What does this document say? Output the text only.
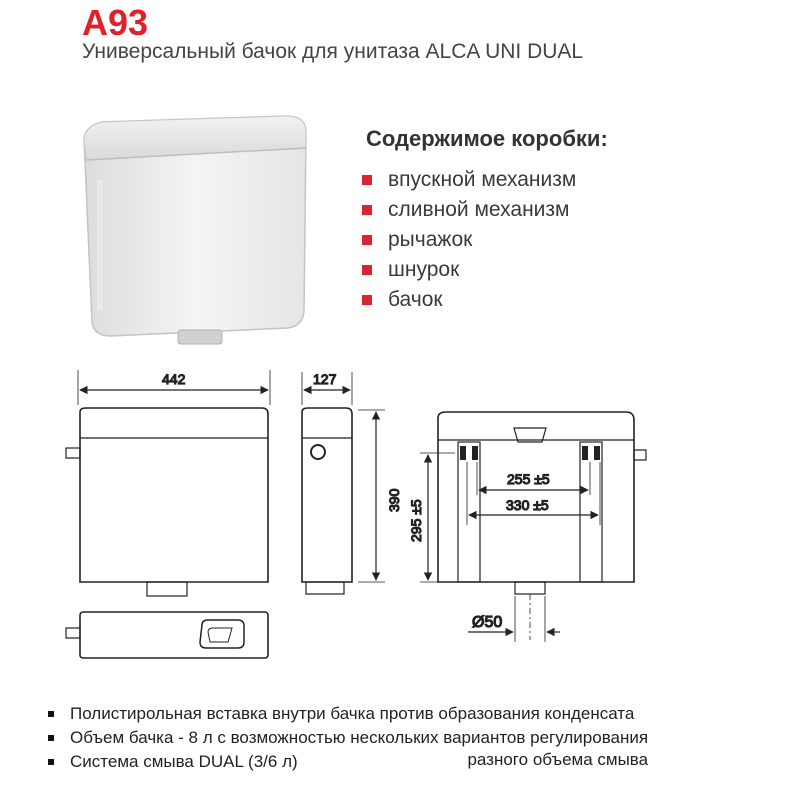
A93

Универсальный бачок для унитаза ALCA UNI DUAL

Содержимое коробки:
впускной механизм
сливной механизм
рычажок
шнурок
бачок
442	127
390
255 ±5
330 ±5
295 ±5
Ø50
Полистирольная вставка внутри бачка против образования конденсата
Объем бачка - 8 л с возможностью нескольких вариантов регулирования
разного объема смыва
Система смыва DUAL (3/6 л)
